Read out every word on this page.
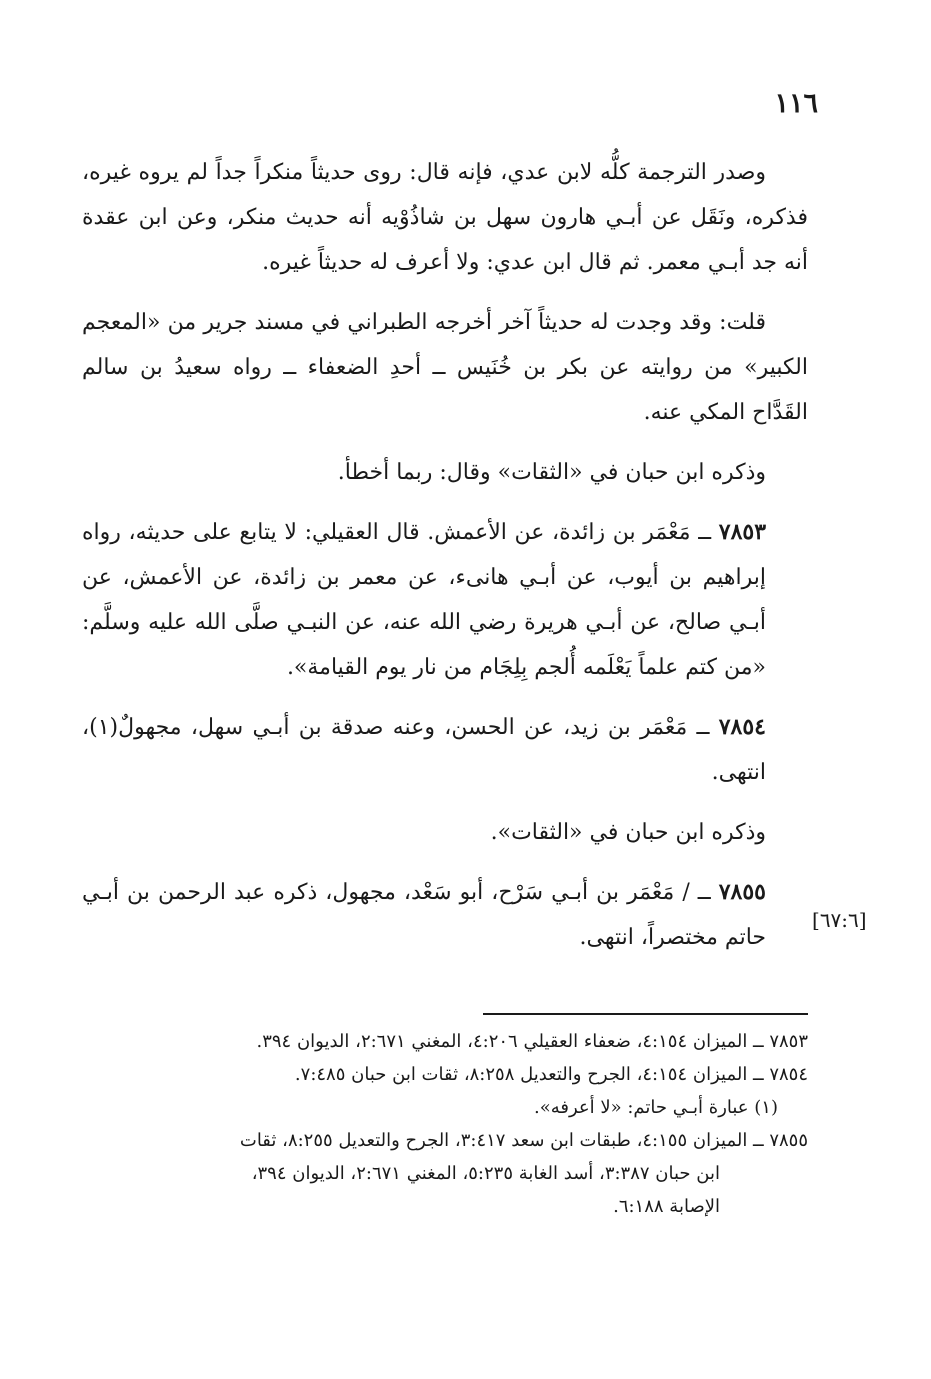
١١٦

وصدر الترجمة كلُّه لابن عدي، فإنه قال: روى حديثاً منكراً جداً لم يروه غيره، فذكره، ونَقَل عن أبـي هارون سهل بن شاذُوْيه أنه حديث منكر، وعن ابن عقدة أنه جد أبـي معمر. ثم قال ابن عدي: ولا أعرف له حديثاً غيره.

قلت: وقد وجدت له حديثاً آخر أخرجه الطبراني في مسند جرير من «المعجم الكبير» من روايته عن بكر بن خُنَيس ــ أحدِ الضعفاء ــ رواه سعيدُ بن سالم القَدَّاح المكي عنه.

وذكره ابن حبان في «الثقات» وقال: ربما أخطأ.

٧٨٥٣ ــ مَعْمَر بن زائدة، عن الأعمش. قال العقيلي: لا يتابع على حديثه، رواه إبراهيم بن أيوب، عن أبـي هانىء، عن معمر بن زائدة، عن الأعمش، عن أبـي صالح، عن أبـي هريرة رضي الله عنه، عن النبـي صلَّى الله عليه وسلَّم: «من كتم علماً يَعْلَمه أُلجم بِلِجَام من نار يوم القيامة».

٧٨٥٤ ــ مَعْمَر بن زيد، عن الحسن، وعنه صدقة بن أبـي سهل، مجهولٌ(١)، انتهى.

وذكره ابن حبان في «الثقات».

٧٨٥٥ ــ / مَعْمَر بن أبـي سَرْح، أبو سَعْد، مجهول، ذكره عبد الرحمن بن أبـي حاتم مختصراً، انتهى.

[٦٧:٦]

٧٨٥٣ ــ الميزان ٤:١٥٤، ضعفاء العقيلي ٤:٢٠٦، المغني ٢:٦٧١، الديوان ٣٩٤.

٧٨٥٤ ــ الميزان ٤:١٥٤، الجرح والتعديل ٨:٢٥٨، ثقات ابن حبان ٧:٤٨٥.

(١) عبارة أبـي حاتم: «لا أعرفه».

٧٨٥٥ ــ الميزان ٤:١٥٥، طبقات ابن سعد ٣:٤١٧، الجرح والتعديل ٨:٢٥٥، ثقات

ابن حبان ٣:٣٨٧، أسد الغابة ٥:٢٣٥، المغني ٢:٦٧١، الديوان ٣٩٤،

الإصابة ٦:١٨٨.
